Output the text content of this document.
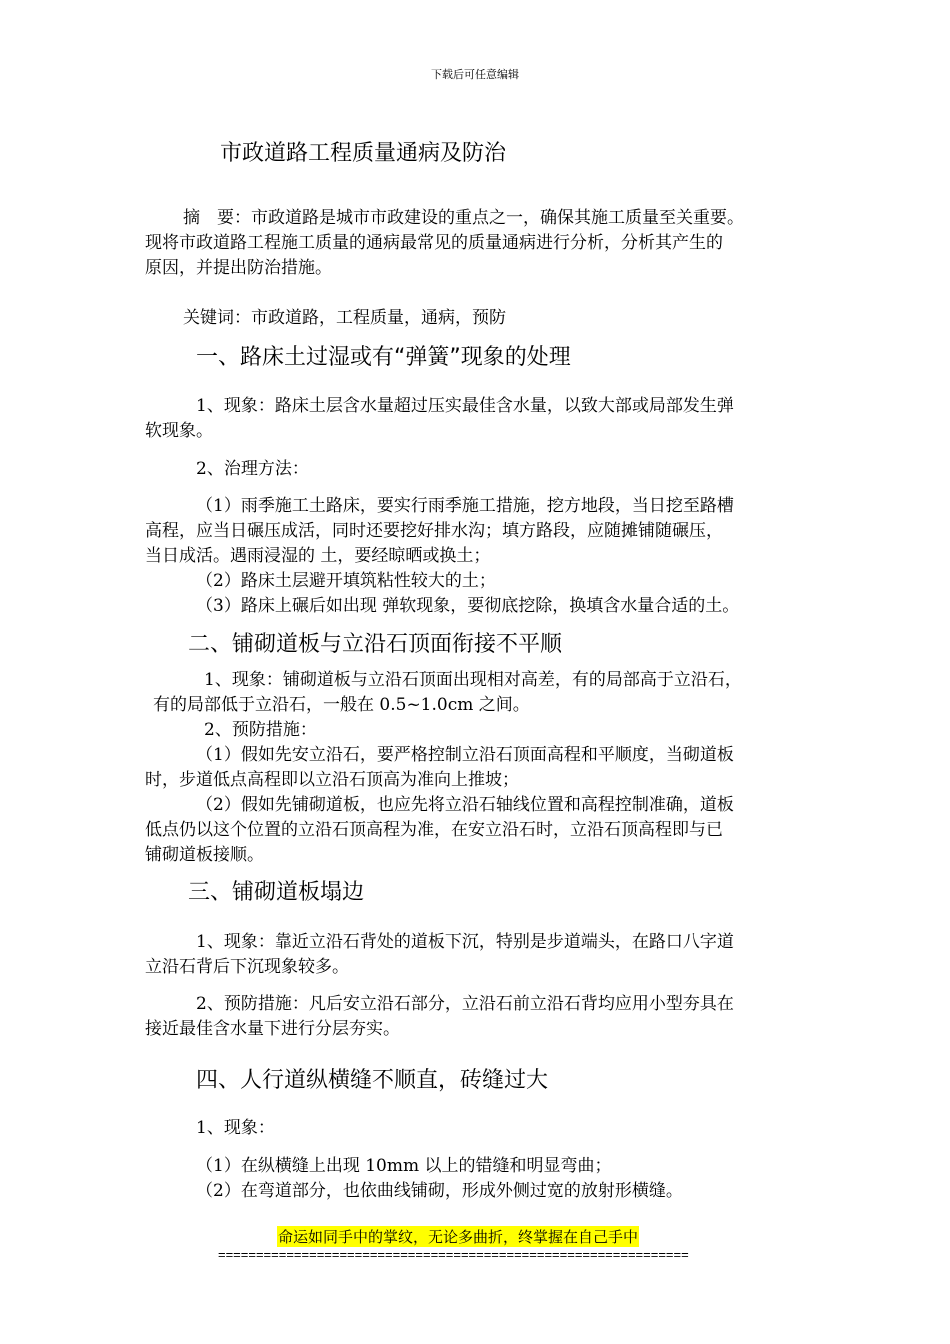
下载后可任意编辑
市政道路工程质量通病及防治
摘　要：市政道路是城市市政建设的重点之一，确保其施工质量至关重要。
现将市政道路工程施工质量的通病最常见的质量通病进行分析，分析其产生的
原因，并提出防治措施。
关键词：市政道路，工程质量，通病，预防
一、路床土过湿或有“弹簧”现象的处理
1、现象：路床土层含水量超过压实最佳含水量，以致大部或局部发生弹
软现象。
2、治理方法：
（1）雨季施工土路床，要实行雨季施工措施，挖方地段，当日挖至路槽
高程，应当日碾压成活，同时还要挖好排水沟；填方路段，应随摊铺随碾压，
当日成活。遇雨浸湿的 土，要经晾晒或换土；
（2）路床土层避开填筑粘性较大的土；
（3）路床上碾后如出现 弹软现象，要彻底挖除，换填含水量合适的土。
二、铺砌道板与立沿石顶面衔接不平顺
1、现象：铺砌道板与立沿石顶面出现相对高差，有的局部高于立沿石，
有的局部低于立沿石，一般在 0.5~1.0cm 之间。
2、预防措施：
（1）假如先安立沿石，要严格控制立沿石顶面高程和平顺度，当砌道板
时，步道低点高程即以立沿石顶高为准向上推坡；
（2）假如先铺砌道板，也应先将立沿石轴线位置和高程控制准确，道板
低点仍以这个位置的立沿石顶高程为准，在安立沿石时，立沿石顶高程即与已
铺砌道板接顺。
三、铺砌道板塌边
1、现象：靠近立沿石背处的道板下沉，特别是步道端头，在路口八字道
立沿石背后下沉现象较多。
2、预防措施：凡后安立沿石部分，立沿石前立沿石背均应用小型夯具在
接近最佳含水量下进行分层夯实。
四、人行道纵横缝不顺直，砖缝过大
1、现象：
（1）在纵横缝上出现 10mm 以上的错缝和明显弯曲；
（2）在弯道部分，也依曲线铺砌，形成外侧过宽的放射形横缝。
命运如同手中的掌纹，无论多曲折，终掌握在自己手中
==============================================================
